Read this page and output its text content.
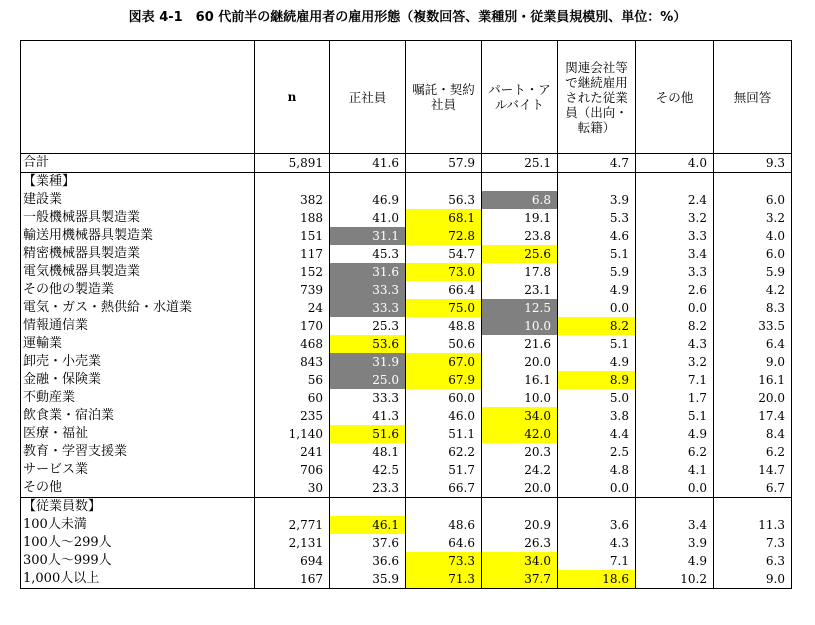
図表 4-1　60 代前半の継続雇用者の雇用形態（複数回答、業種別・従業員規模別、単位：%）
	n	正社員	嘱託・契約社員	パート・アルバイト	関連会社等で継続雇用された従業員（出向・転籍）	その他	無回答
合計	5,891	41.6	57.9	25.1	4.7	4.0	9.3
【業種】							
建設業	382	46.9	56.3	6.8	3.9	2.4	6.0
一般機械器具製造業	188	41.0	68.1	19.1	5.3	3.2	3.2
輸送用機械器具製造業	151	31.1	72.8	23.8	4.6	3.3	4.0
精密機械器具製造業	117	45.3	54.7	25.6	5.1	3.4	6.0
電気機械器具製造業	152	31.6	73.0	17.8	5.9	3.3	5.9
その他の製造業	739	33.3	66.4	23.1	4.9	2.6	4.2
電気・ガス・熱供給・水道業	24	33.3	75.0	12.5	0.0	0.0	8.3
情報通信業	170	25.3	48.8	10.0	8.2	8.2	33.5
運輸業	468	53.6	50.6	21.6	5.1	4.3	6.4
卸売・小売業	843	31.9	67.0	20.0	4.9	3.2	9.0
金融・保険業	56	25.0	67.9	16.1	8.9	7.1	16.1
不動産業	60	33.3	60.0	10.0	5.0	1.7	20.0
飲食業・宿泊業	235	41.3	46.0	34.0	3.8	5.1	17.4
医療・福祉	1,140	51.6	51.1	42.0	4.4	4.9	8.4
教育・学習支援業	241	48.1	62.2	20.3	2.5	6.2	6.2
サービス業	706	42.5	51.7	24.2	4.8	4.1	14.7
その他	30	23.3	66.7	20.0	0.0	0.0	6.7
【従業員数】							
100人未満	2,771	46.1	48.6	20.9	3.6	3.4	11.3
100人～299人	2,131	37.6	64.6	26.3	4.3	3.9	7.3
300人～999人	694	36.6	73.3	34.0	7.1	4.9	6.3
1,000人以上	167	35.9	71.3	37.7	18.6	10.2	9.0
